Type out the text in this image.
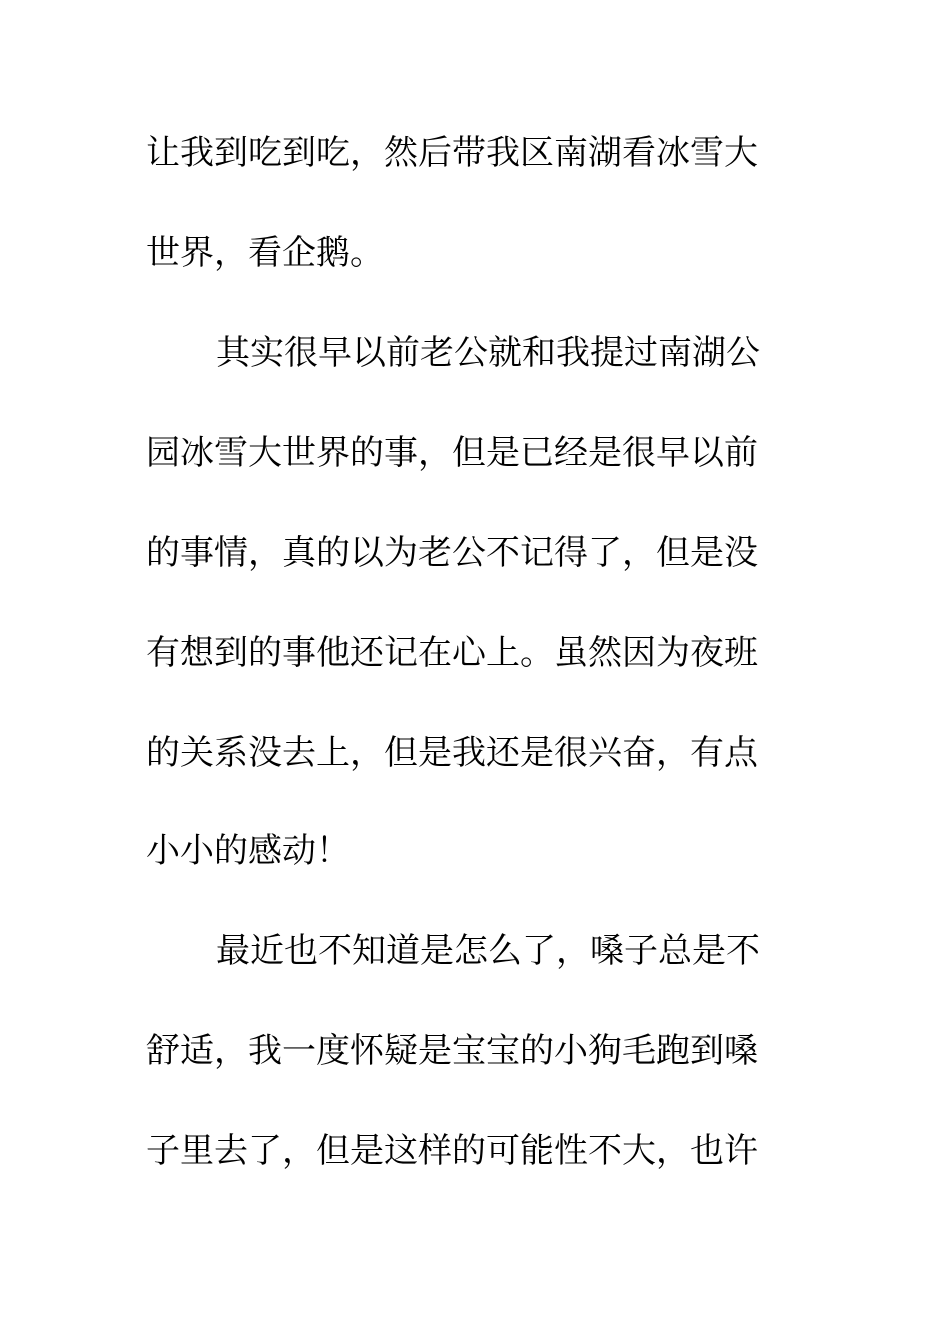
让我到吃到吃，然后带我区南湖看冰雪大
世界，看企鹅。
其实很早以前老公就和我提过南湖公
园冰雪大世界的事，但是已经是很早以前
的事情，真的以为老公不记得了，但是没
有想到的事他还记在心上。虽然因为夜班
的关系没去上，但是我还是很兴奋，有点
小小的感动！
最近也不知道是怎么了，嗓子总是不
舒适，我一度怀疑是宝宝的小狗毛跑到嗓
子里去了，但是这样的可能性不大，也许
